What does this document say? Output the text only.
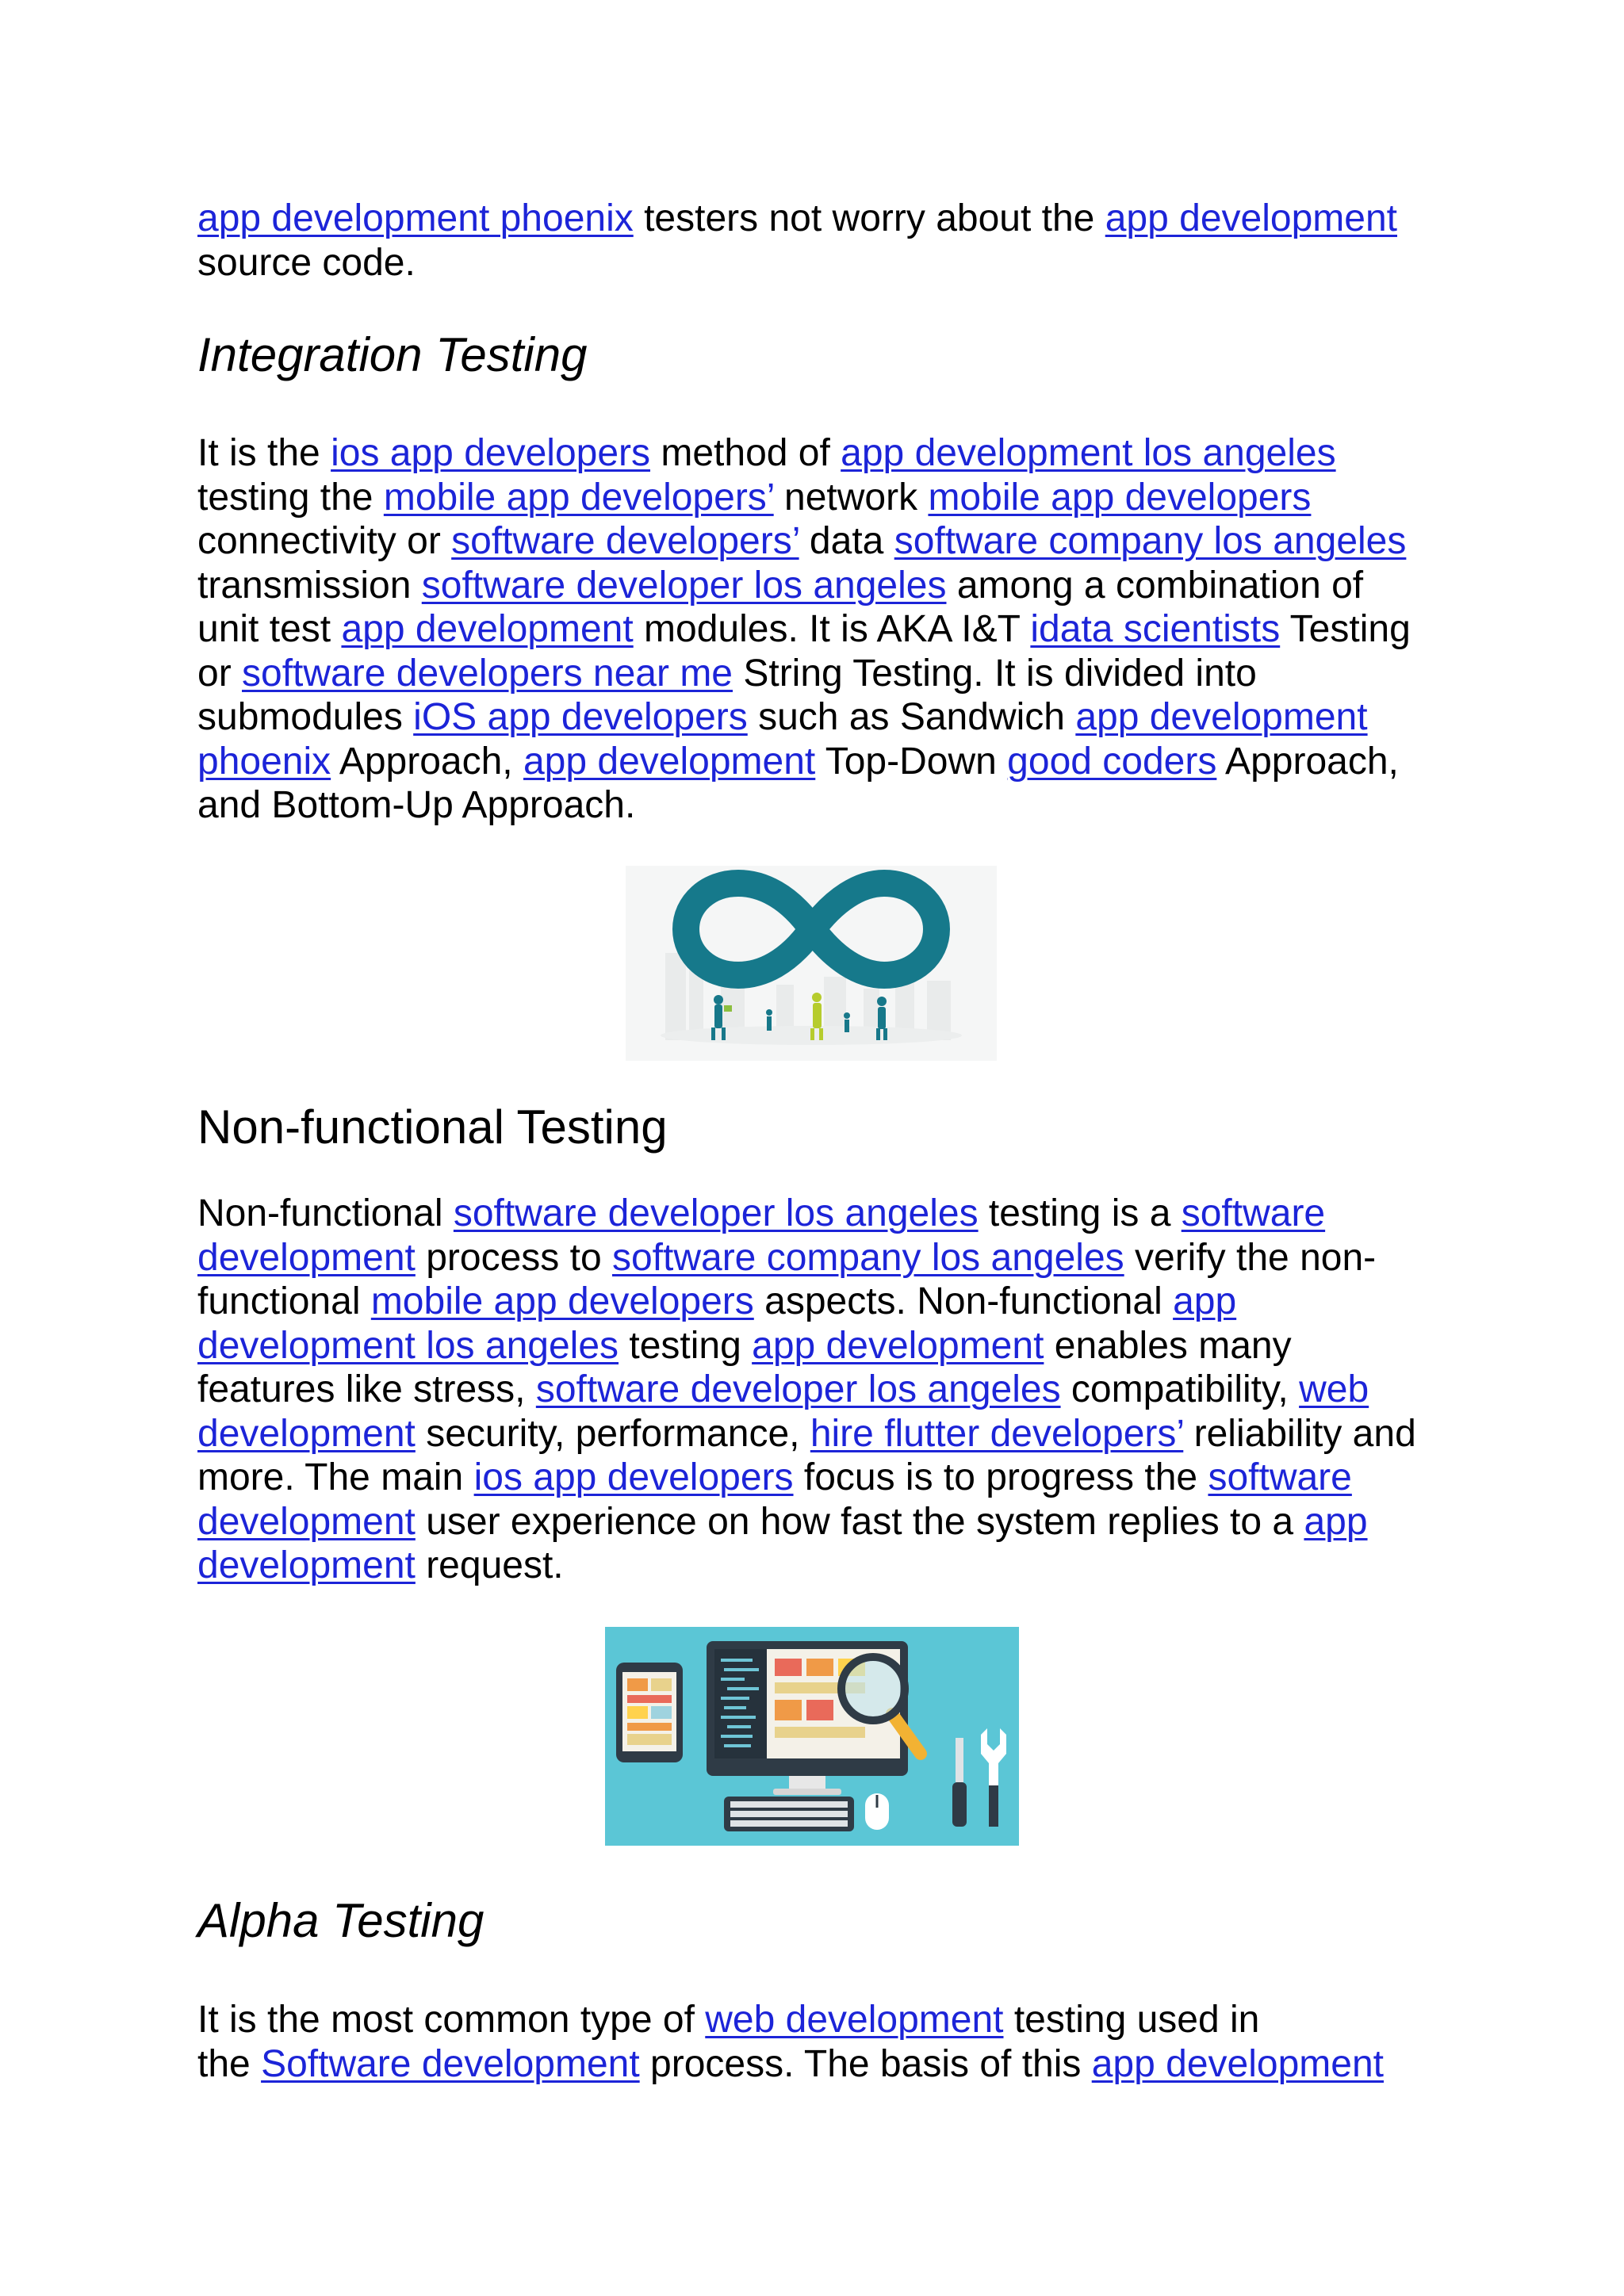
app development phoenix testers not worry about the app development
source code.

Integration Testing

It is the ios app developers method of app development los angeles
testing the mobile app developers’ network mobile app developers
connectivity or software developers’ data software company los angeles
transmission software developer los angeles among a combination of
unit test app development modules. It is AKA I&T idata scientists Testing
or software developers near me String Testing. It is divided into
submodules iOS app developers such as Sandwich app development
phoenix Approach, app development Top-Down good coders Approach,
and Bottom-Up Approach.

Non-functional Testing

Non-functional software developer los angeles testing is a software
development process to software company los angeles verify the non-
functional mobile app developers aspects. Non-functional app
development los angeles testing app development enables many
features like stress, software developer los angeles compatibility, web
development security, performance, hire flutter developers’ reliability and
more. The main ios app developers focus is to progress the software
development user experience on how fast the system replies to a app
development request.

Alpha Testing

It is the most common type of web development testing used in
the Software development process. The basis of this app development
